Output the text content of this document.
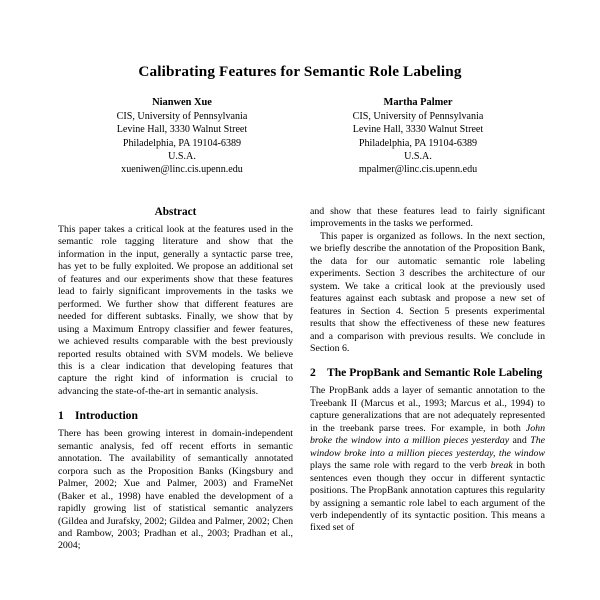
Calibrating Features for Semantic Role Labeling
Nianwen Xue
CIS, University of Pennsylvania
Levine Hall, 3330 Walnut Street
Philadelphia, PA 19104-6389
U.S.A.
xueniwen@linc.cis.upenn.edu
Martha Palmer
CIS, University of Pennsylvania
Levine Hall, 3330 Walnut Street
Philadelphia, PA 19104-6389
U.S.A.
mpalmer@linc.cis.upenn.edu
Abstract

This paper takes a critical look at the features used in the semantic role tagging literature and show that the information in the input, generally a syntactic parse tree, has yet to be fully exploited. We propose an additional set of features and our experiments show that these features lead to fairly significant improvements in the tasks we performed. We further show that different features are needed for different subtasks. Finally, we show that by using a Maximum Entropy classifier and fewer features, we achieved results comparable with the best previously reported results obtained with SVM models. We believe this is a clear indication that developing features that capture the right kind of information is crucial to advancing the state-of-the-art in semantic analysis.

1 Introduction

There has been growing interest in domain-independent semantic analysis, fed off recent efforts in semantic annotation. The availability of semantically annotated corpora such as the Proposition Banks (Kingsbury and Palmer, 2002; Xue and Palmer, 2003) and FrameNet (Baker et al., 1998) have enabled the development of a rapidly growing list of statistical semantic analyzers (Gildea and Jurafsky, 2002; Gildea and Palmer, 2002; Chen and Rambow, 2003; Pradhan et al., 2003; Pradhan et al., 2004;

and show that these features lead to fairly significant improvements in the tasks we performed.

This paper is organized as follows. In the next section, we briefly describe the annotation of the Proposition Bank, the data for our automatic semantic role labeling experiments. Section 3 describes the architecture of our system. We take a critical look at the previously used features against each subtask and propose a new set of features in Section 4. Section 5 presents experimental results that show the effectiveness of these new features and a comparison with previous results. We conclude in Section 6.

2 The PropBank and Semantic Role Labeling

The PropBank adds a layer of semantic annotation to the Treebank II (Marcus et al., 1993; Marcus et al., 1994) to capture generalizations that are not adequately represented in the treebank parse trees. For example, in both John broke the window into a million pieces yesterday and The window broke into a million pieces yesterday, the window plays the same role with regard to the verb break in both sentences even though they occur in different syntactic positions. The PropBank annotation captures this regularity by assigning a semantic role label to each argument of the verb independently of its syntactic position. This means a fixed set of
